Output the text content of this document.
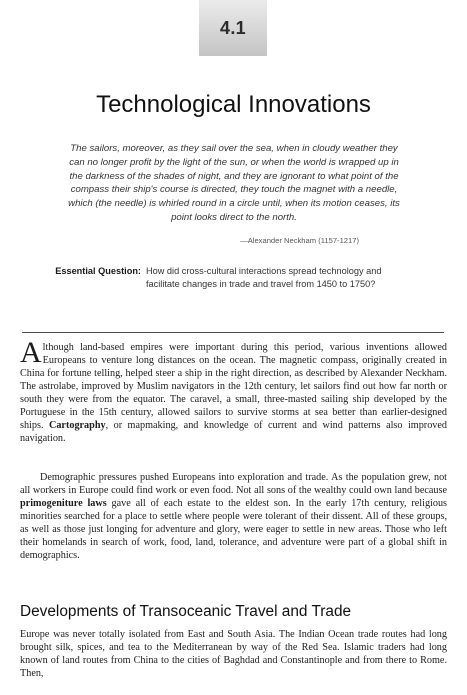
4.1
Technological Innovations

The sailors, moreover, as they sail over the sea, when in cloudy weather they can no longer profit by the light of the sun, or when the world is wrapped up in the darkness of the shades of night, and they are ignorant to what point of the compass their ship's course is directed, they touch the magnet with a needle, which (the needle) is whirled round in a circle until, when its motion ceases, its point looks direct to the north.

—Alexander Neckham (1157-1217)

Essential Question: How did cross-cultural interactions spread technology and facilitate changes in trade and travel from 1450 to 1750?

Although land-based empires were important during this period, various inventions allowed Europeans to venture long distances on the ocean. The magnetic compass, originally created in China for fortune telling, helped steer a ship in the right direction, as described by Alexander Neckham. The astrolabe, improved by Muslim navigators in the 12th century, let sailors find out how far north or south they were from the equator. The caravel, a small, three-masted sailing ship developed by the Portuguese in the 15th century, allowed sailors to survive storms at sea better than earlier-designed ships. Cartography, or mapmaking, and knowledge of current and wind patterns also improved navigation.

Demographic pressures pushed Europeans into exploration and trade. As the population grew, not all workers in Europe could find work or even food. Not all sons of the wealthy could own land because primogeniture laws gave all of each estate to the eldest son. In the early 17th century, religious minorities searched for a place to settle where people were tolerant of their dissent. All of these groups, as well as those just longing for adventure and glory, were eager to settle in new areas. Those who left their homelands in search of work, food, land, tolerance, and adventure were part of a global shift in demographics.

Developments of Transoceanic Travel and Trade

Europe was never totally isolated from East and South Asia. The Indian Ocean trade routes had long brought silk, spices, and tea to the Mediterranean by way of the Red Sea. Islamic traders had long known of land routes from China to the cities of Baghdad and Constantinople and from there to Rome. Then,
